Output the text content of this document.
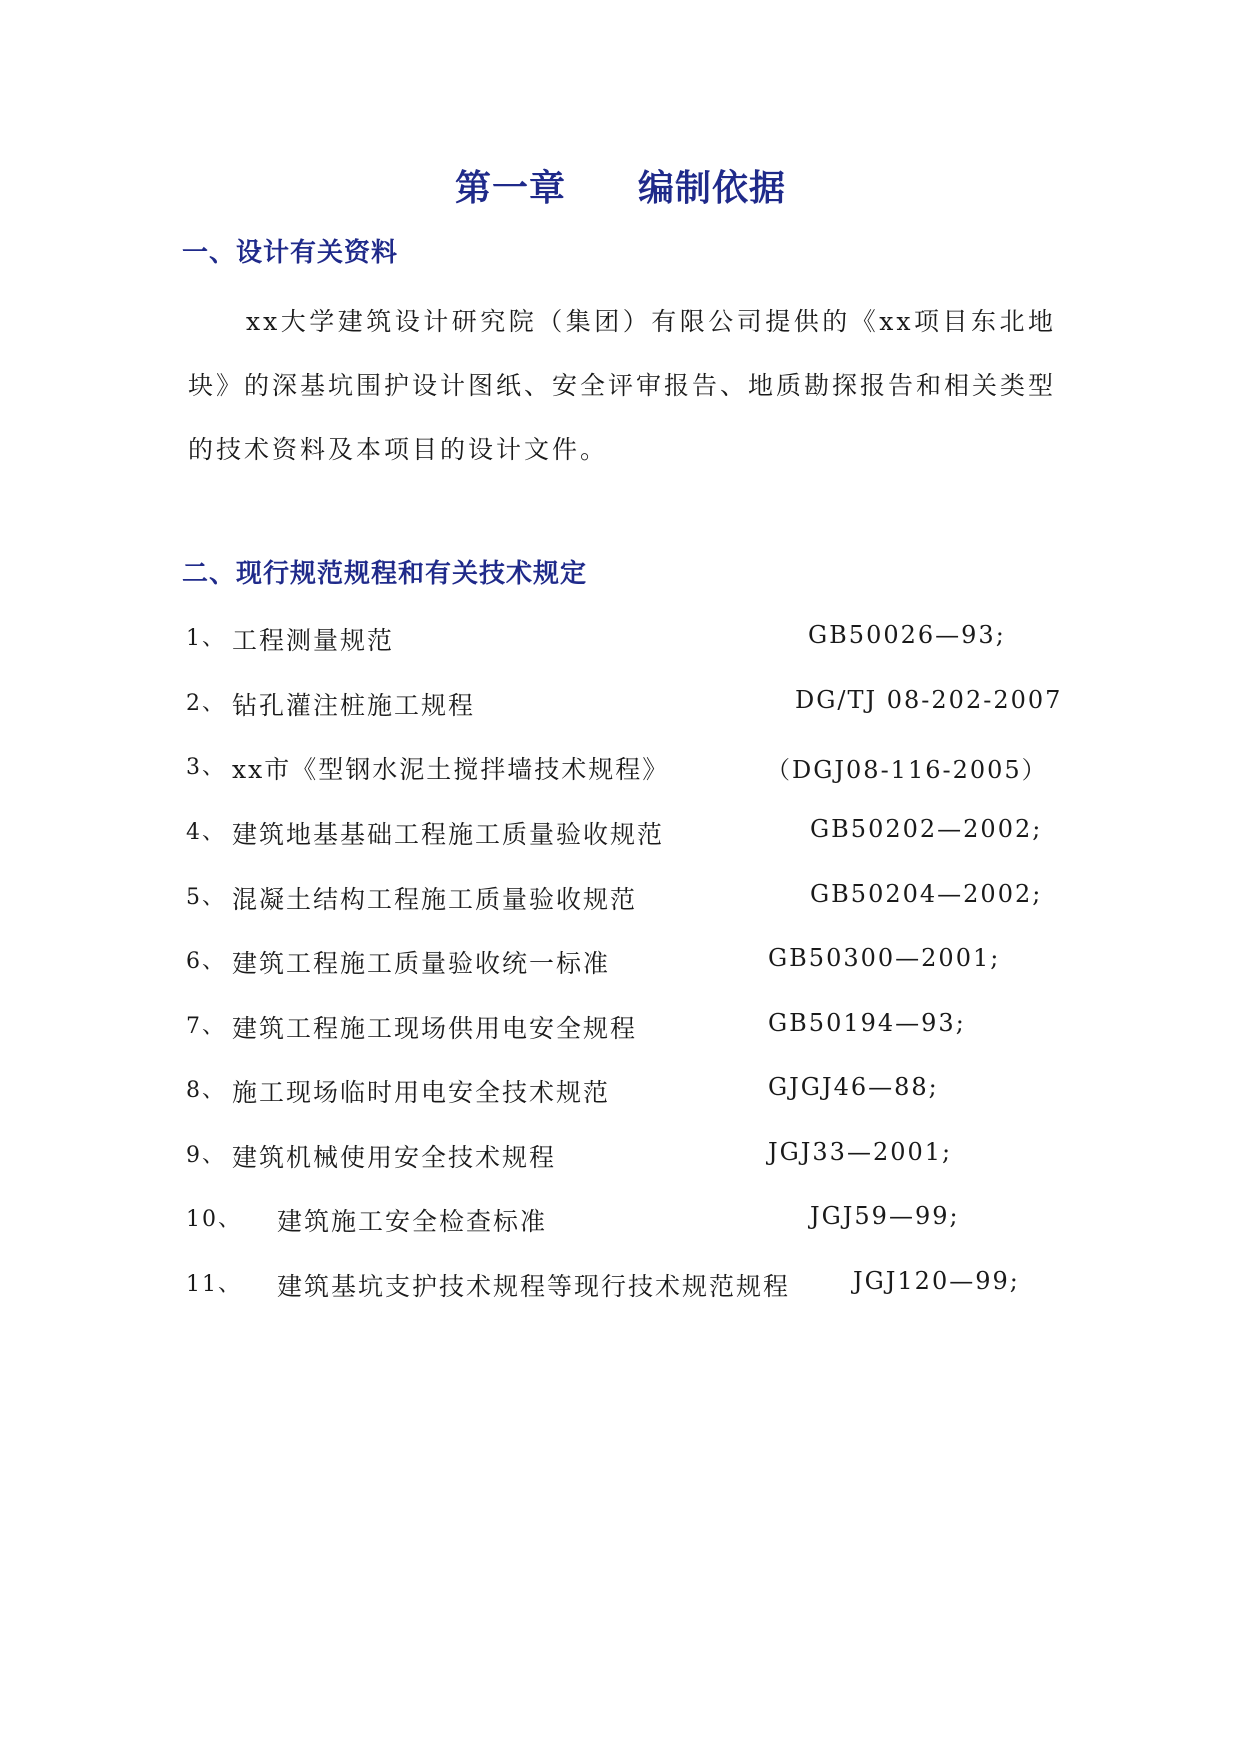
第一章 编制依据
一、设计有关资料
xx大学建筑设计研究院（集团）有限公司提供的《xx项目东北地块》的深基坑围护设计图纸、安全评审报告、地质勘探报告和相关类型的技术资料及本项目的设计文件。
二、现行规范规程和有关技术规定
1、 工程测量规范	GB50026—93;
2、 钻孔灌注桩施工规程	DG/TJ 08-202-2007
3、 xx市《型钢水泥土搅拌墙技术规程》	（DGJ08-116-2005）
4、 建筑地基基础工程施工质量验收规范	GB50202—2002;
5、 混凝土结构工程施工质量验收规范	GB50204—2002;
6、 建筑工程施工质量验收统一标准	GB50300—2001;
7、 建筑工程施工现场供用电安全规程	GB50194—93;
8、 施工现场临时用电安全技术规范	GJGJ46—88;
9、 建筑机械使用安全技术规程	JGJ33—2001;
10、 建筑施工安全检查标准	JGJ59—99;
11、 建筑基坑支护技术规程等现行技术规范规程	JGJ120—99;
